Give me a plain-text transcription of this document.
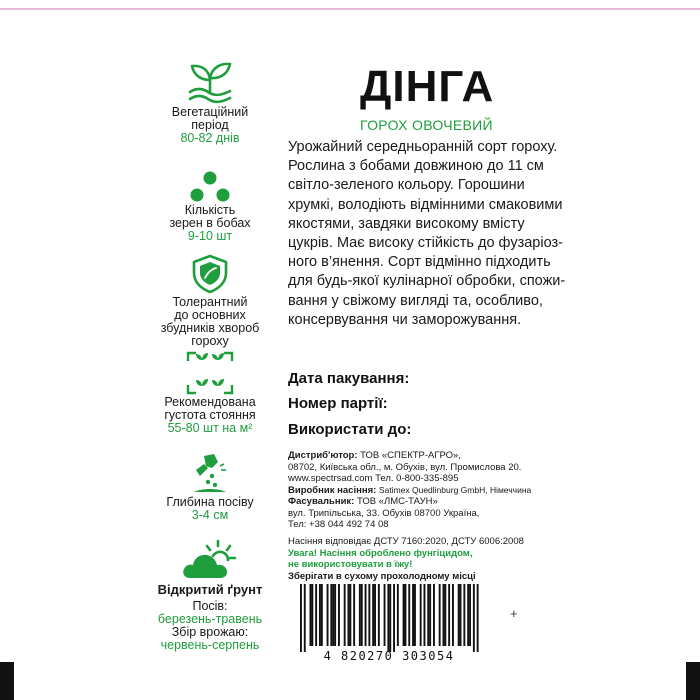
Вегетаційний
період
80-82 днів
Кількість
зерен в бобах
9-10 шт
Толерантний
до основних
збудників хвороб
гороху
Рекомендована
густота стояння
55-80 шт на м²
Глибина посіву
3-4 см
Відкритий ґрунт
Посів:
березень-травень
Збір врожаю:
червень-серпень
ДІНГА
ГОРОХ ОВОЧЕВИЙ
Урожайний середньоранній сорт гороху.
Рослина з бобами довжиною до 11 см
світло-зеленого кольору. Горошини
хрумкі, володіють відмінними смаковими
якостями, завдяки високому вмісту
цукрів. Має високу стійкість до фузаріоз-
ного в’янення. Сорт відмінно підходить
для будь-якої кулінарної обробки, спожи-
вання у свіжому вигляді та, особливо,
консервування чи заморожування.
Дата пакування:
Номер партії:
Використати до:
Дистриб'ютор: ТОВ «СПЕКТР-АГРО»,
08702, Київська обл., м. Обухів, вул. Промислова 20.
www.spectrsad.com Тел. 0-800-335-895
Виробник насіння: Satimex Quedlinburg GmbH, Німеччина
Фасувальник: ТОВ «ЛМС-ТАУН»
вул. Трипільська, 33. Обухів 08700 Україна,
Тел: +38 044 492 74 08
Насіння відповідає ДСТУ 7160:2020, ДСТУ 6006:2008
Увага! Насіння оброблено фунгіцидом,
не використовувати в їжу!
Зберігати в сухому прохолодному місці
4 820270 303054
+
